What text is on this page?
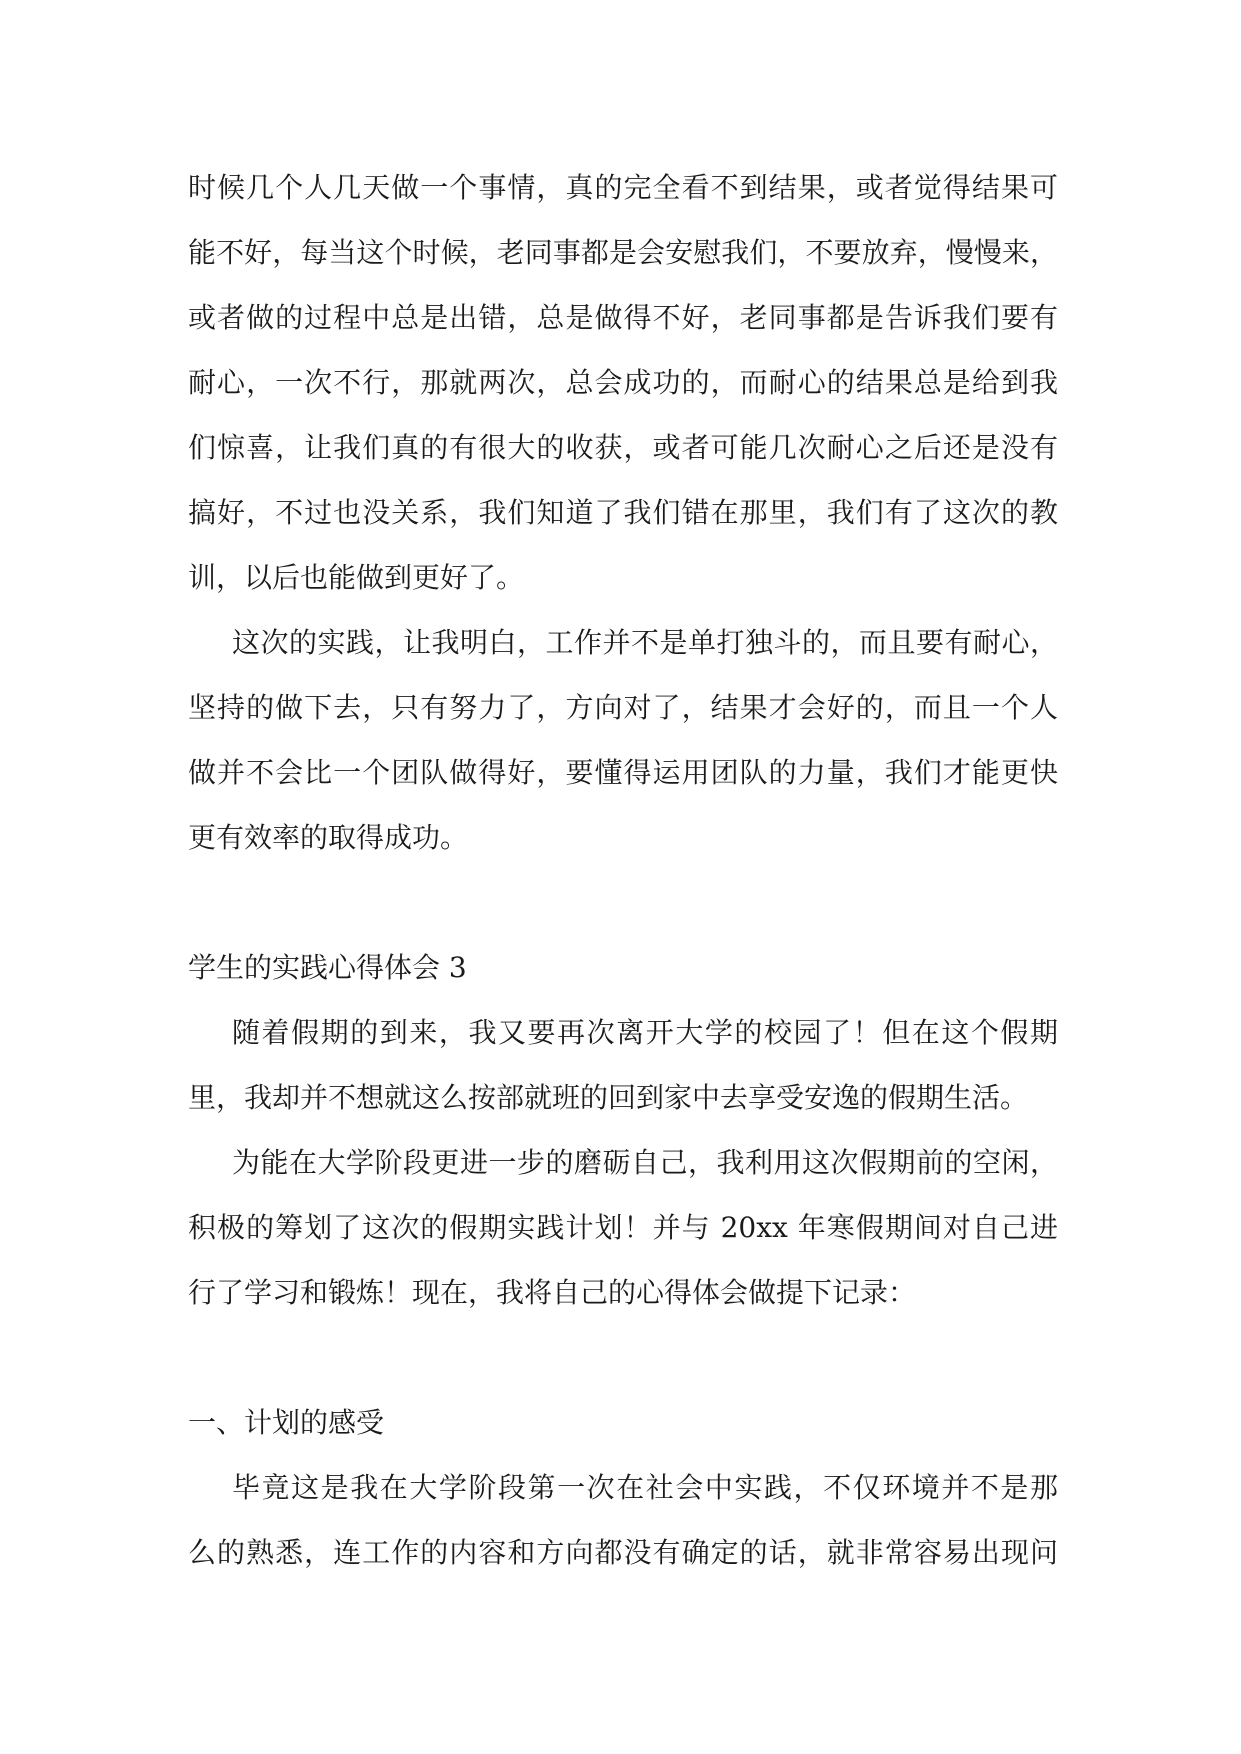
时候几个人几天做一个事情，真的完全看不到结果，或者觉得结果可
能不好，每当这个时候，老同事都是会安慰我们，不要放弃，慢慢来，
或者做的过程中总是出错，总是做得不好，老同事都是告诉我们要有
耐心，一次不行，那就两次，总会成功的，而耐心的结果总是给到我
们惊喜，让我们真的有很大的收获，或者可能几次耐心之后还是没有
搞好，不过也没关系，我们知道了我们错在那里，我们有了这次的教
训，以后也能做到更好了。
这次的实践，让我明白，工作并不是单打独斗的，而且要有耐心，
坚持的做下去，只有努力了，方向对了，结果才会好的，而且一个人
做并不会比一个团队做得好，要懂得运用团队的力量，我们才能更快
更有效率的取得成功。
学生的实践心得体会 3
随着假期的到来，我又要再次离开大学的校园了！但在这个假期
里，我却并不想就这么按部就班的回到家中去享受安逸的假期生活。
为能在大学阶段更进一步的磨砺自己，我利用这次假期前的空闲，
积极的筹划了这次的假期实践计划！并与 20xx 年寒假期间对自己进
行了学习和锻炼！现在，我将自己的心得体会做提下记录：
一、计划的感受
毕竟这是我在大学阶段第一次在社会中实践，不仅环境并不是那
么的熟悉，连工作的内容和方向都没有确定的话，就非常容易出现问
